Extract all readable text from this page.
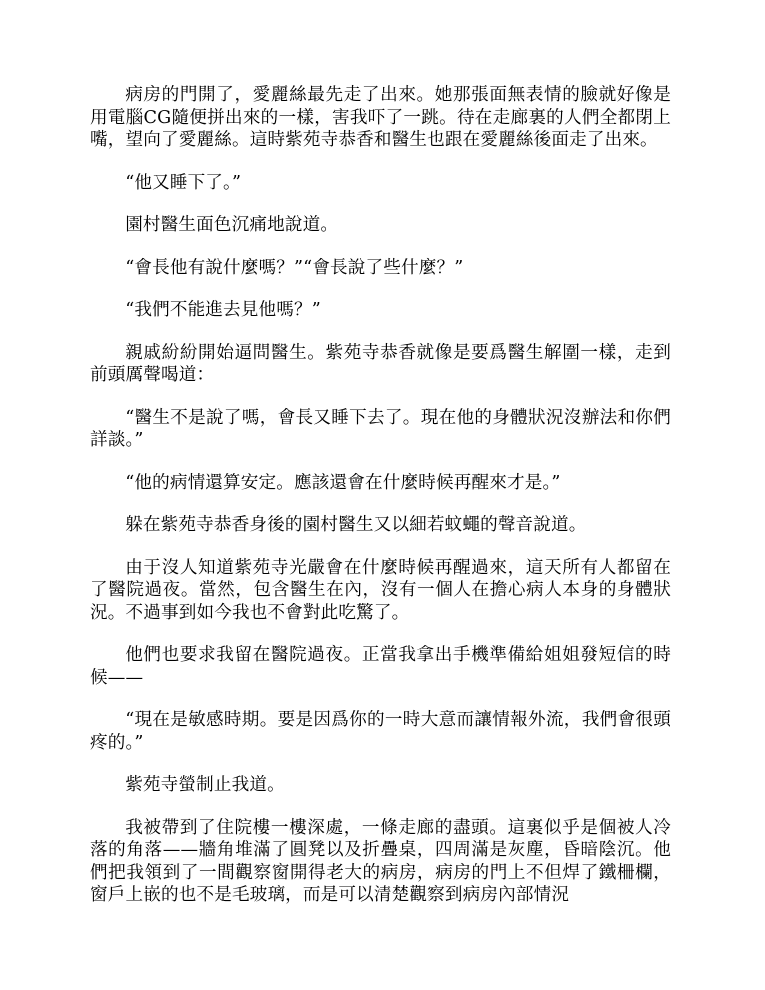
病房的門開了，愛麗絲最先走了出來。她那張面無表情的臉就好像是用電腦CG隨便拼出來的一樣，害我吓了一跳。待在走廊裏的人們全都閉上嘴，望向了愛麗絲。這時紫苑寺恭香和醫生也跟在愛麗絲後面走了出來。

“他又睡下了。”

園村醫生面色沉痛地說道。

“會長他有說什麼嗎？”“會長說了些什麼？”

“我們不能進去見他嗎？”

親戚紛紛開始逼問醫生。紫苑寺恭香就像是要爲醫生解圍一樣，走到前頭厲聲喝道：

“醫生不是說了嗎，會長又睡下去了。現在他的身體狀況沒辦法和你們詳談。”

“他的病情還算安定。應該還會在什麼時候再醒來才是。”

躲在紫苑寺恭香身後的園村醫生又以細若蚊蠅的聲音說道。

由于沒人知道紫苑寺光嚴會在什麼時候再醒過來，這天所有人都留在了醫院過夜。當然，包含醫生在內，沒有一個人在擔心病人本身的身體狀況。不過事到如今我也不會對此吃驚了。

他們也要求我留在醫院過夜。正當我拿出手機準備給姐姐發短信的時候——

“現在是敏感時期。要是因爲你的一時大意而讓情報外流，我們會很頭疼的。”

紫苑寺螢制止我道。

我被帶到了住院樓一樓深處，一條走廊的盡頭。這裏似乎是個被人冷落的角落——牆角堆滿了圓凳以及折疊桌，四周滿是灰塵，昏暗陰沉。他們把我領到了一間觀察窗開得老大的病房，病房的門上不但焊了鐵柵欄，窗戶上嵌的也不是毛玻璃，而是可以清楚觀察到病房內部情況
